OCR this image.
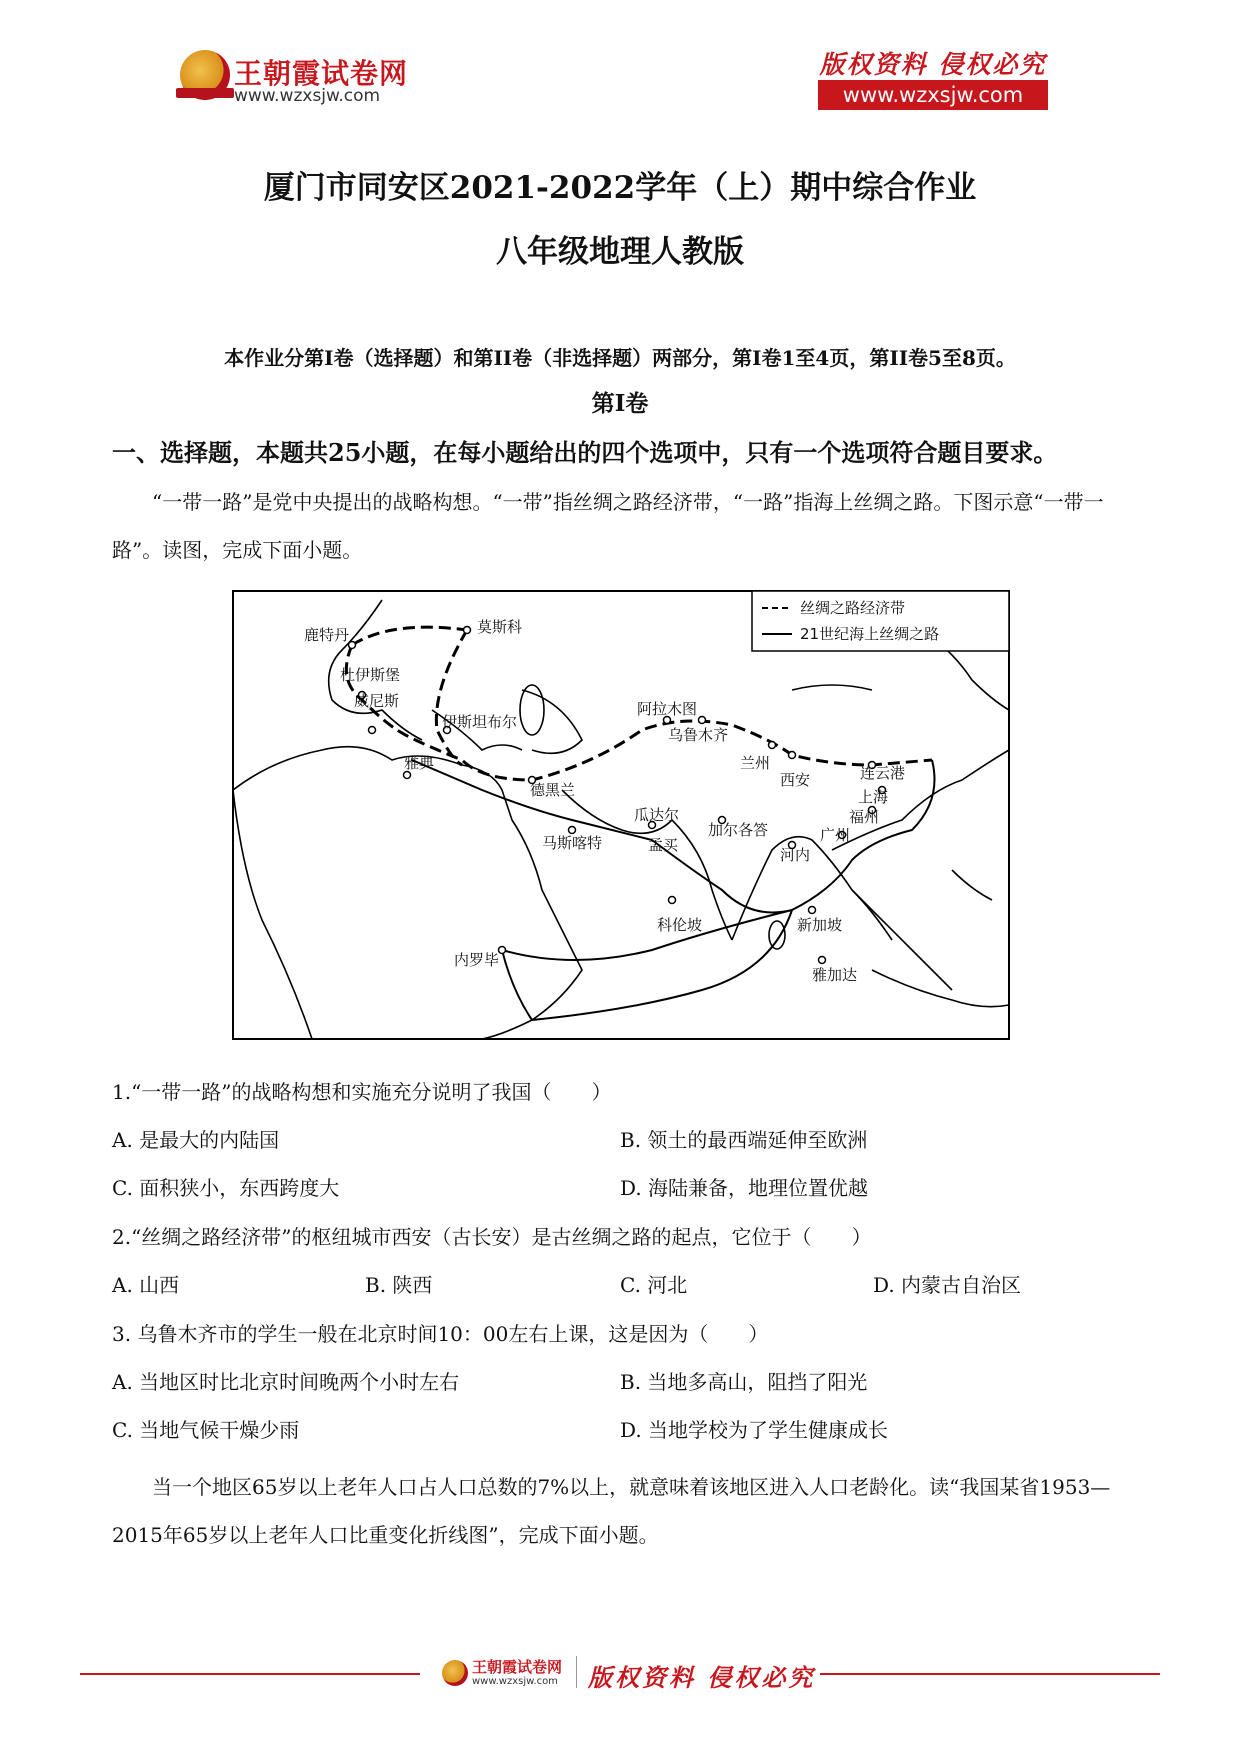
王朝霞试卷网
www.wzxsjw.com
版权资料 侵权必究
www.wzxsjw.com
厦门市同安区2021-2022学年（上）期中综合作业
八年级地理人教版
本作业分第Ⅰ卷（选择题）和第II卷（非选择题）两部分，第Ⅰ卷1至4页，第II卷5至8页。
第Ⅰ卷
一、选择题，本题共25小题，在每小题给出的四个选项中，只有一个选项符合题目要求。
“一带一路”是党中央提出的战略构想。“一带”指丝绸之路经济带，“一路”指海上丝绸之路。下图示意“一带一路”。读图，完成下面小题。
丝绸之路经济带
21世纪海上丝绸之路
鹿特丹	莫斯科
杜伊斯堡
威尼斯
伊斯坦布尔
雅典
德黑兰
阿拉木图
乌鲁木齐
兰州
西安	连云港
上海
福州
广州
河内
加尔各答
瓜达尔
马斯喀特	孟买
科伦坡	新加坡
雅加达
内罗毕
1.“一带一路”的战略构想和实施充分说明了我国（　　）
A. 是最大的内陆国	B. 领土的最西端延伸至欧洲
C. 面积狭小，东西跨度大	D. 海陆兼备，地理位置优越
2.“丝绸之路经济带”的枢纽城市西安（古长安）是古丝绸之路的起点，它位于（　　）
A. 山西	B. 陕西	C. 河北	D. 内蒙古自治区
3. 乌鲁木齐市的学生一般在北京时间10：00左右上课，这是因为（　　）
A. 当地区时比北京时间晚两个小时左右	B. 当地多高山，阻挡了阳光
C. 当地气候干燥少雨	D. 当地学校为了学生健康成长
当一个地区65岁以上老年人口占人口总数的7%以上，就意味着该地区进入人口老龄化。读“我国某省1953—2015年65岁以上老年人口比重变化折线图”，完成下面小题。
王朝霞试卷网
www.wzxsjw.com 版权资料 侵权必究
